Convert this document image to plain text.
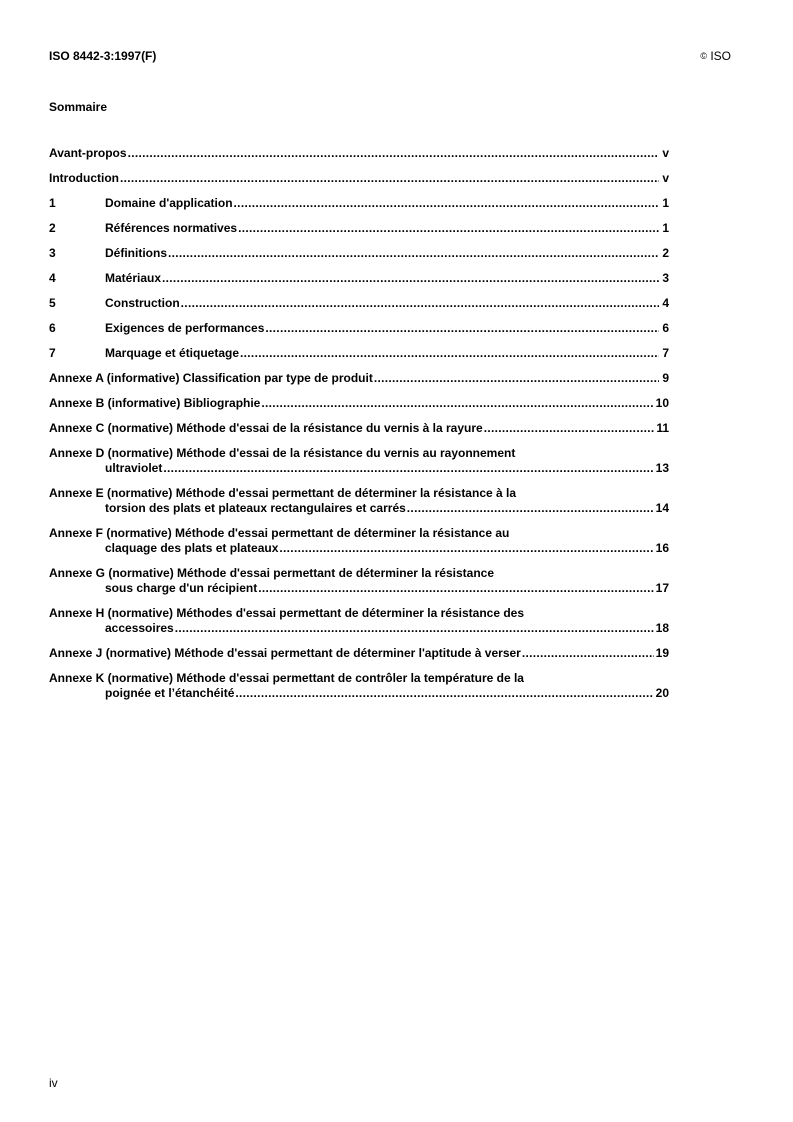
ISO 8442-3:1997(F)	© ISO
Sommaire
Avant-propos .....	v
Introduction .....	v
1	Domaine d'application .....	1
2	Références normatives .....	1
3	Définitions .....	2
4	Matériaux .....	3
5	Construction .....	4
6	Exigences de performances .....	6
7	Marquage et étiquetage .....	7
Annexe A (informative) Classification par type de produit .....	9
Annexe B (informative) Bibliographie .....	10
Annexe C (normative) Méthode d'essai de la résistance du vernis à la rayure .....	11
Annexe D (normative) Méthode d'essai de la résistance du vernis au rayonnement
ultraviolet .....	13
Annexe E (normative) Méthode d'essai permettant de déterminer la résistance à la
torsion des plats et plateaux rectangulaires et carrés .....	14
Annexe F (normative) Méthode d'essai permettant de déterminer la résistance au
claquage des plats et plateaux .....	16
Annexe G (normative) Méthode d'essai permettant de déterminer la résistance
sous charge d'un récipient .....	17
Annexe H (normative) Méthodes d'essai permettant de déterminer la résistance des
accessoires .....	18
Annexe J (normative) Méthode d'essai permettant de déterminer l'aptitude à verser .....	19
Annexe K (normative) Méthode d'essai permettant de contrôler la température de la
poignée et l’étanchéité .....	20
iv
